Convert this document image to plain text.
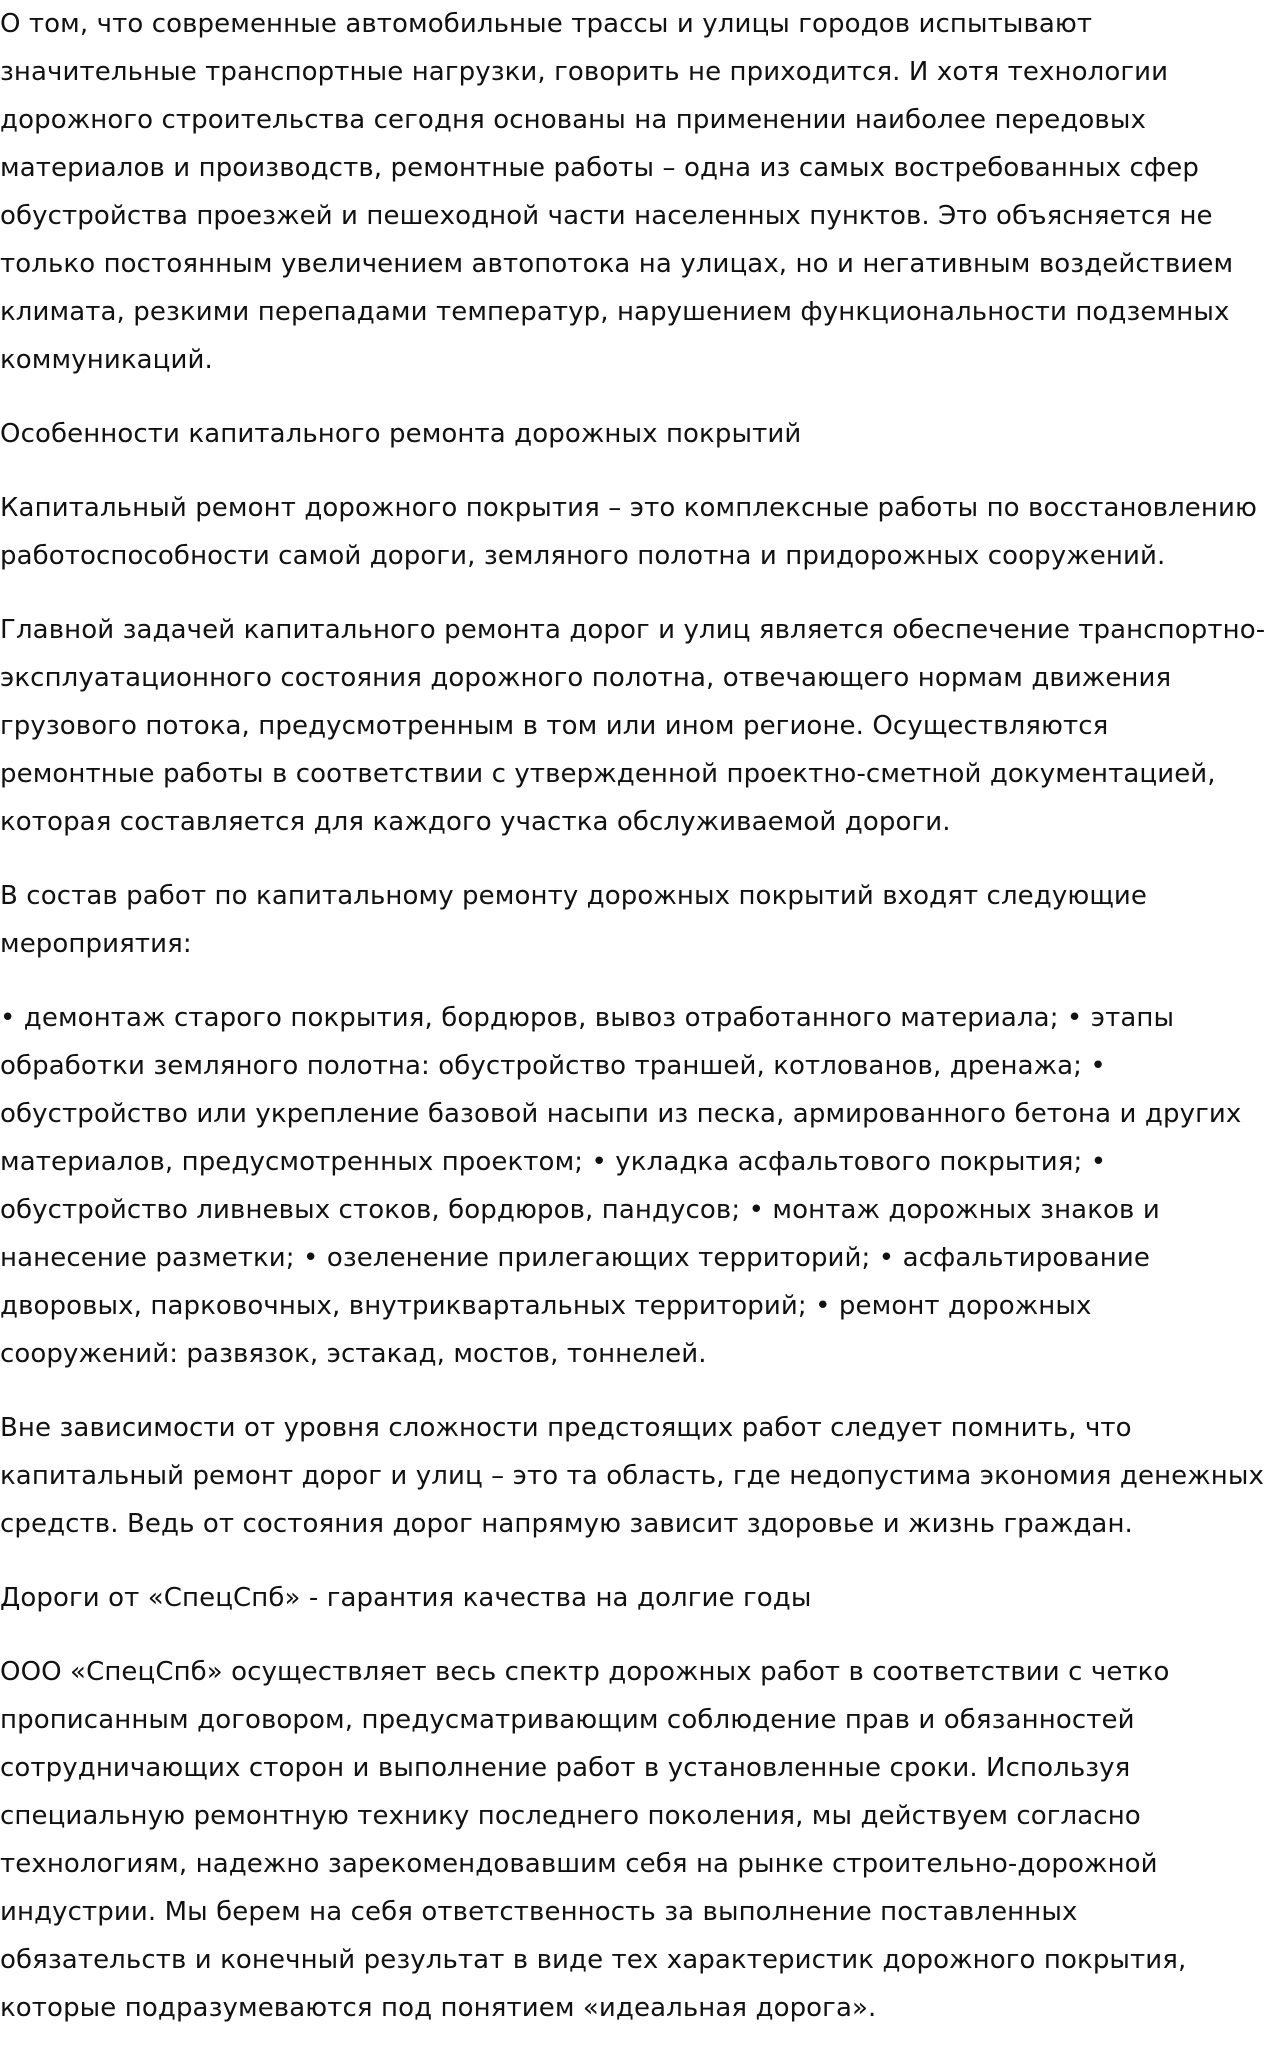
О том, что современные автомобильные трассы и улицы городов испытывают значительные транспортные нагрузки, говорить не приходится. И хотя технологии дорожного строительства сегодня основаны на применении наиболее передовых материалов и производств, ремонтные работы – одна из самых востребованных сфер обустройства проезжей и пешеходной части населенных пунктов. Это объясняется не только постоянным увеличением автопотока на улицах, но и негативным воздействием климата, резкими перепадами температур, нарушением функциональности подземных коммуникаций.

Особенности капитального ремонта дорожных покрытий

Капитальный ремонт дорожного покрытия – это комплексные работы по восстановлению работоспособности самой дороги, земляного полотна и придорожных сооружений.

Главной задачей капитального ремонта дорог и улиц является обеспечение транспортно-эксплуатационного состояния дорожного полотна, отвечающего нормам движения грузового потока, предусмотренным в том или ином регионе. Осуществляются ремонтные работы в соответствии с утвержденной проектно-сметной документацией, которая составляется для каждого участка обслуживаемой дороги.

В состав работ по капитальному ремонту дорожных покрытий входят следующие мероприятия:

• демонтаж старого покрытия, бордюров, вывоз отработанного материала; • этапы обработки земляного полотна: обустройство траншей, котлованов, дренажа; • обустройство или укрепление базовой насыпи из песка, армированного бетона и других материалов, предусмотренных проектом; • укладка асфальтового покрытия; • обустройство ливневых стоков, бордюров, пандусов; • монтаж дорожных знаков и нанесение разметки; • озеленение прилегающих территорий; • асфальтирование дворовых, парковочных, внутриквартальных территорий; • ремонт дорожных сооружений: развязок, эстакад, мостов, тоннелей.

Вне зависимости от уровня сложности предстоящих работ следует помнить, что капитальный ремонт дорог и улиц – это та область, где недопустима экономия денежных средств. Ведь от состояния дорог напрямую зависит здоровье и жизнь граждан.

Дороги от «СпецСпб» - гарантия качества на долгие годы

ООО «СпецСпб» осуществляет весь спектр дорожных работ в соответствии с четко прописанным договором, предусматривающим соблюдение прав и обязанностей сотрудничающих сторон и выполнение работ в установленные сроки. Используя специальную ремонтную технику последнего поколения, мы действуем согласно технологиям, надежно зарекомендовавшим себя на рынке строительно-дорожной индустрии. Мы берем на себя ответственность за выполнение поставленных обязательств и конечный результат в виде тех характеристик дорожного покрытия, которые подразумеваются под понятием «идеальная дорога».
